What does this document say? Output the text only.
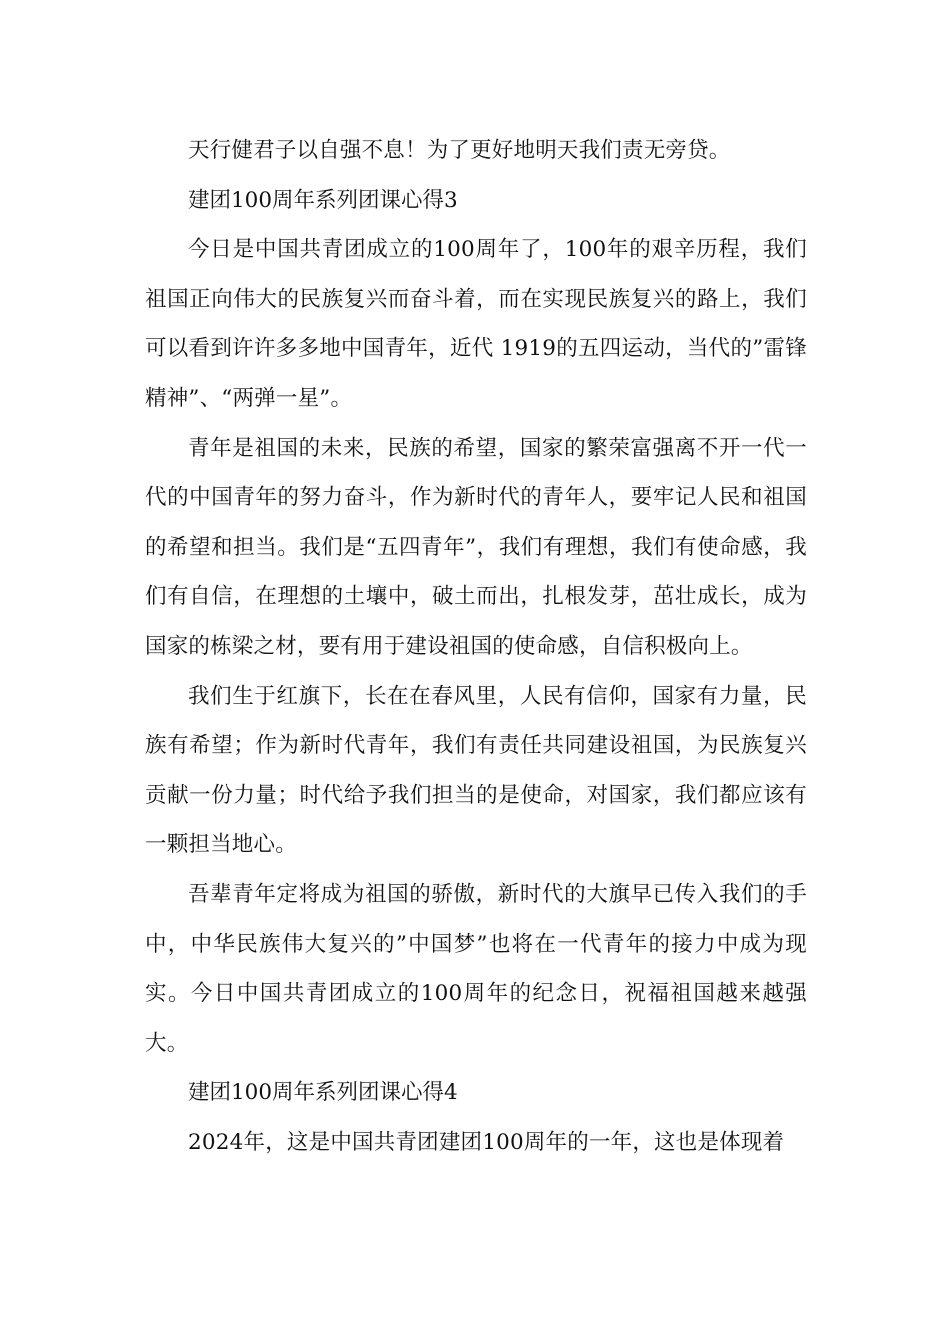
天行健君子以自强不息！为了更好地明天我们责无旁贷。

建团100周年系列团课心得3

今日是中国共青团成立的100周年了，100年的艰辛历程，我们祖国正向伟大的民族复兴而奋斗着，而在实现民族复兴的路上，我们可以看到许许多多地中国青年，近代 1919的五四运动，当代的”雷锋精神”、“两弹一星”。

青年是祖国的未来，民族的希望，国家的繁荣富强离不开一代一代的中国青年的努力奋斗，作为新时代的青年人，要牢记人民和祖国的希望和担当。我们是“五四青年”，我们有理想，我们有使命感，我们有自信，在理想的土壤中，破土而出，扎根发芽，茁壮成长，成为国家的栋梁之材，要有用于建设祖国的使命感，自信积极向上。

我们生于红旗下，长在在春风里，人民有信仰，国家有力量，民族有希望；作为新时代青年，我们有责任共同建设祖国，为民族复兴贡献一份力量；时代给予我们担当的是使命，对国家，我们都应该有一颗担当地心。

吾辈青年定将成为祖国的骄傲，新时代的大旗早已传入我们的手中，中华民族伟大复兴的”中国梦”也将在一代青年的接力中成为现实。今日中国共青团成立的100周年的纪念日，祝福祖国越来越强大。

建团100周年系列团课心得4

2024年，这是中国共青团建团100周年的一年，这也是体现着
